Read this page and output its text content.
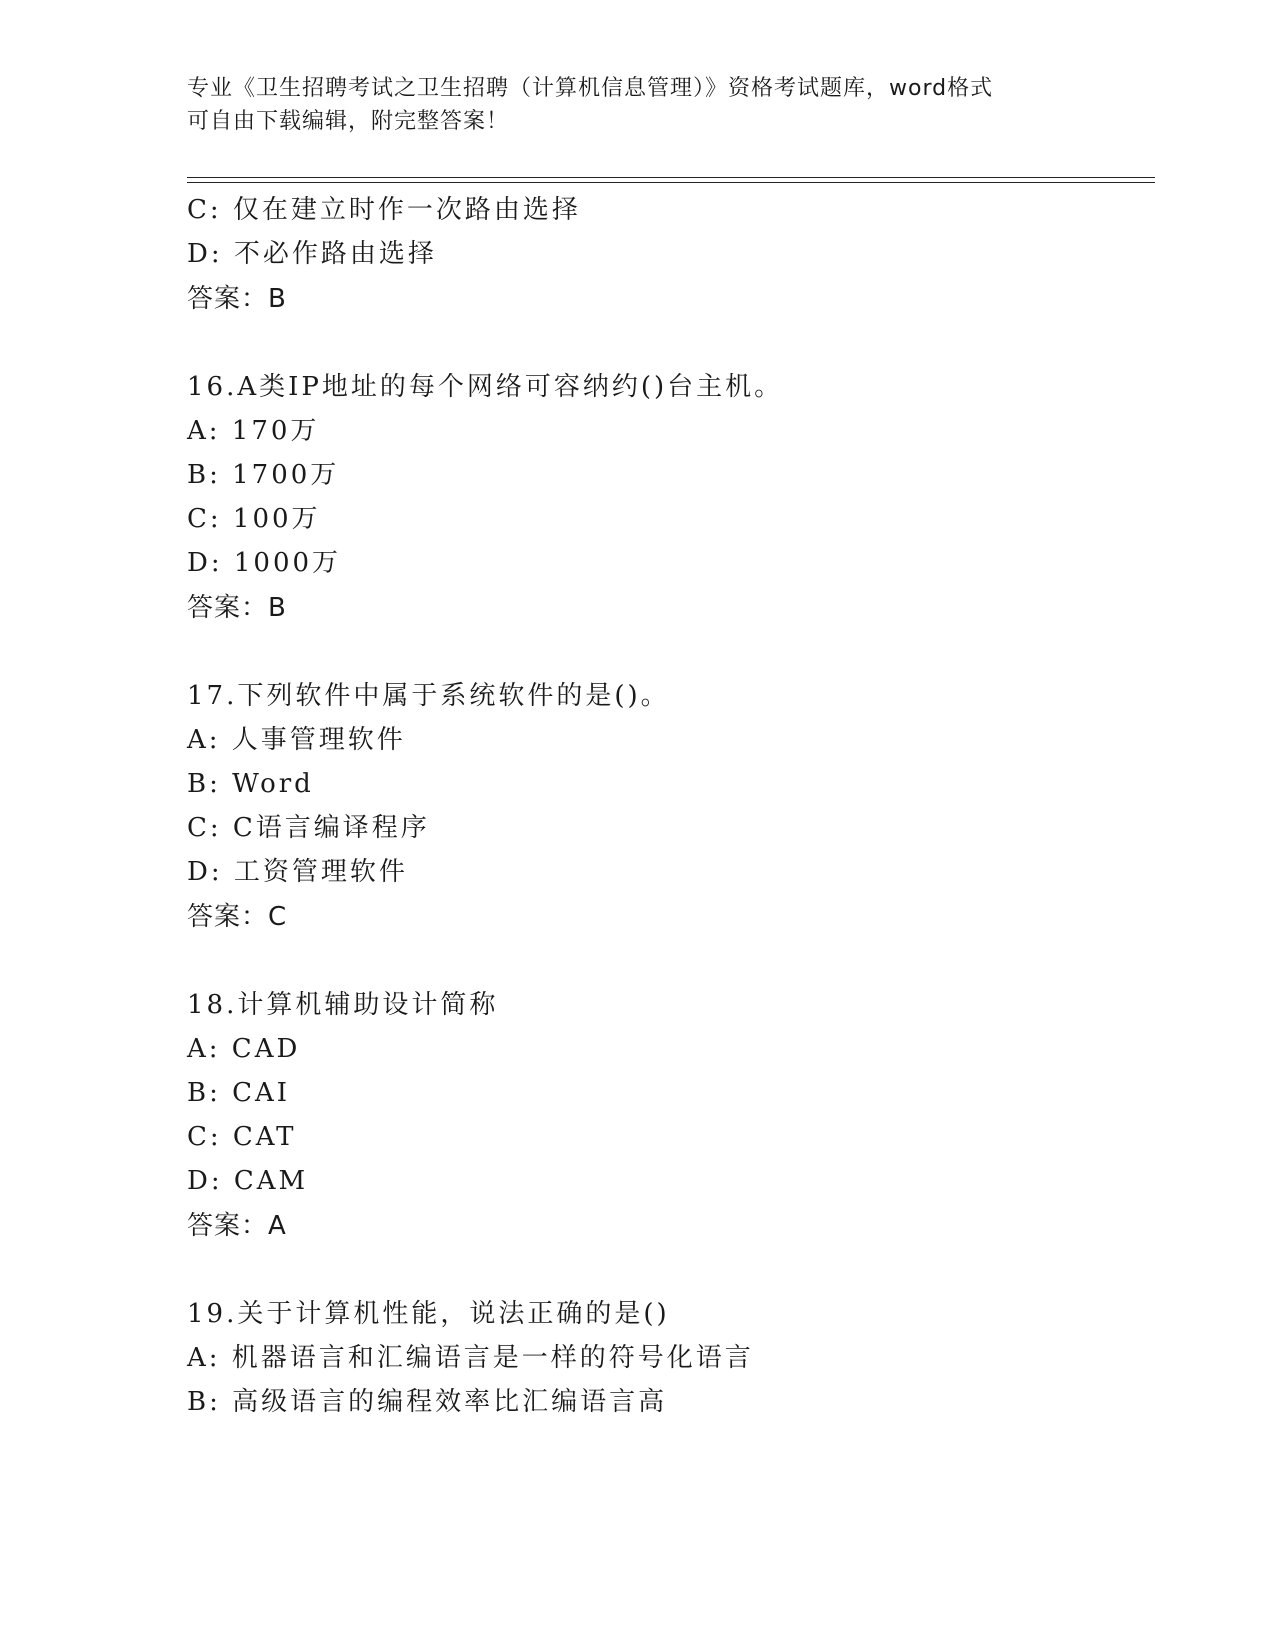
专业《卫生招聘考试之卫生招聘（计算机信息管理）》资格考试题库，word格式
可自由下载编辑，附完整答案！
C: 仅在建立时作一次路由选择
D: 不必作路由选择
答案：B
16.A类IP地址的每个网络可容纳约()台主机。
A: 170万
B: 1700万
C: 100万
D: 1000万
答案：B
17.下列软件中属于系统软件的是()。
A: 人事管理软件
B: Word
C: C语言编译程序
D: 工资管理软件
答案：C
18.计算机辅助设计简称
A: CAD
B: CAI
C: CAT
D: CAM
答案：A
19.关于计算机性能，说法正确的是()
A: 机器语言和汇编语言是一样的符号化语言
B: 高级语言的编程效率比汇编语言高
